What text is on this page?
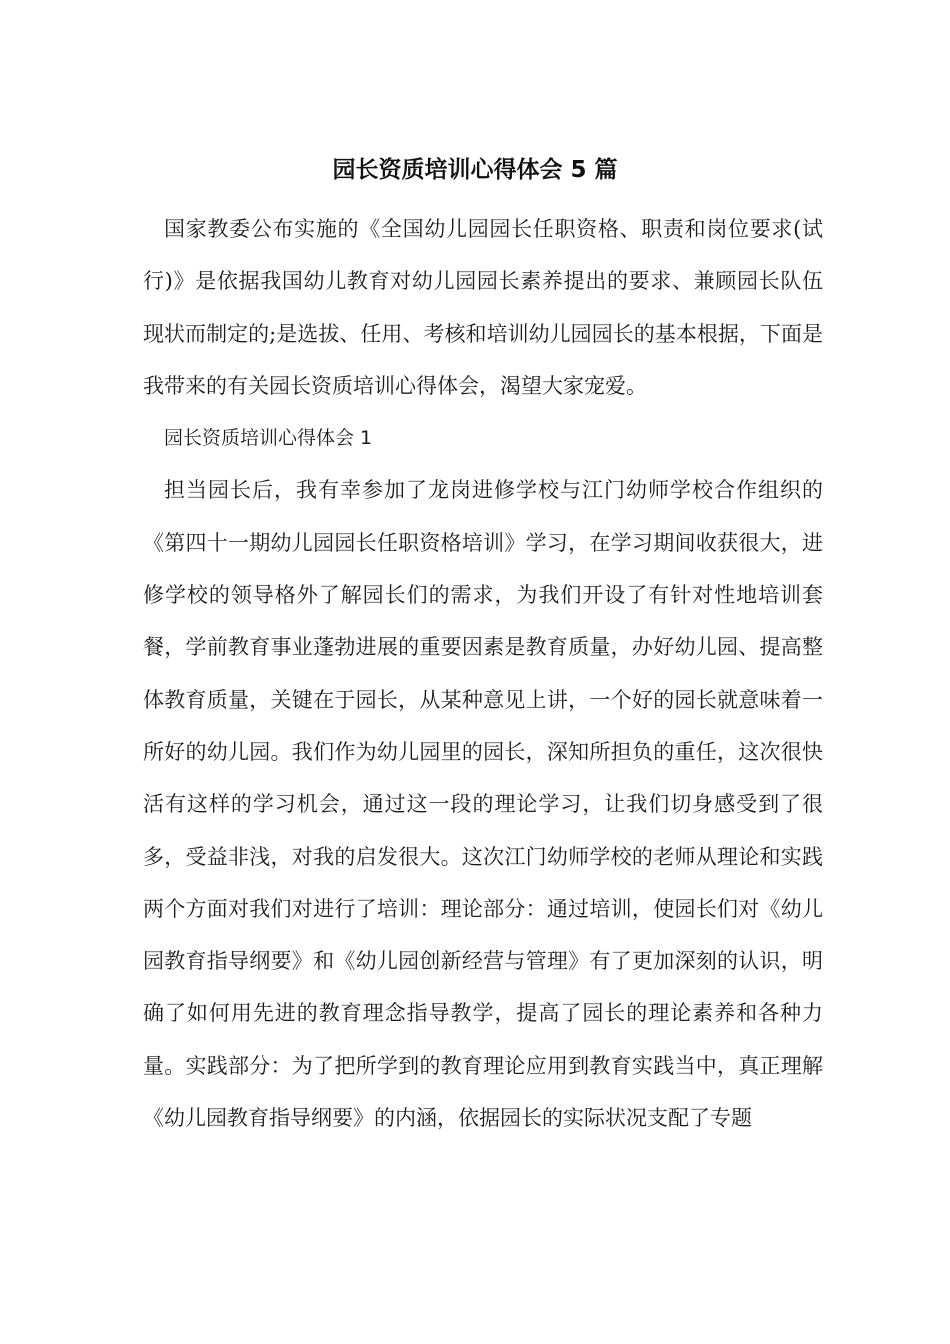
园长资质培训心得体会 5 篇

国家教委公布实施的《全国幼儿园园长任职资格、职责和岗位要求(试行)》是依据我国幼儿教育对幼儿园园长素养提出的要求、兼顾园长队伍现状而制定的;是选拔、任用、考核和培训幼儿园园长的基本根据，下面是我带来的有关园长资质培训心得体会，渴望大家宠爱。

园长资质培训心得体会 1

担当园长后，我有幸参加了龙岗进修学校与江门幼师学校合作组织的《第四十一期幼儿园园长任职资格培训》学习，在学习期间收获很大，进修学校的领导格外了解园长们的需求，为我们开设了有针对性地培训套餐，学前教育事业蓬勃进展的重要因素是教育质量，办好幼儿园、提高整体教育质量，关键在于园长，从某种意见上讲，一个好的园长就意味着一所好的幼儿园。我们作为幼儿园里的园长，深知所担负的重任，这次很快活有这样的学习机会，通过这一段的理论学习，让我们切身感受到了很多，受益非浅，对我的启发很大。这次江门幼师学校的老师从理论和实践两个方面对我们对进行了培训：理论部分：通过培训，使园长们对《幼儿园教育指导纲要》和《幼儿园创新经营与管理》有了更加深刻的认识，明确了如何用先进的教育理念指导教学，提高了园长的理论素养和各种力量。实践部分：为了把所学到的教育理论应用到教育实践当中，真正理解《幼儿园教育指导纲要》的内涵，依据园长的实际状况支配了专题
